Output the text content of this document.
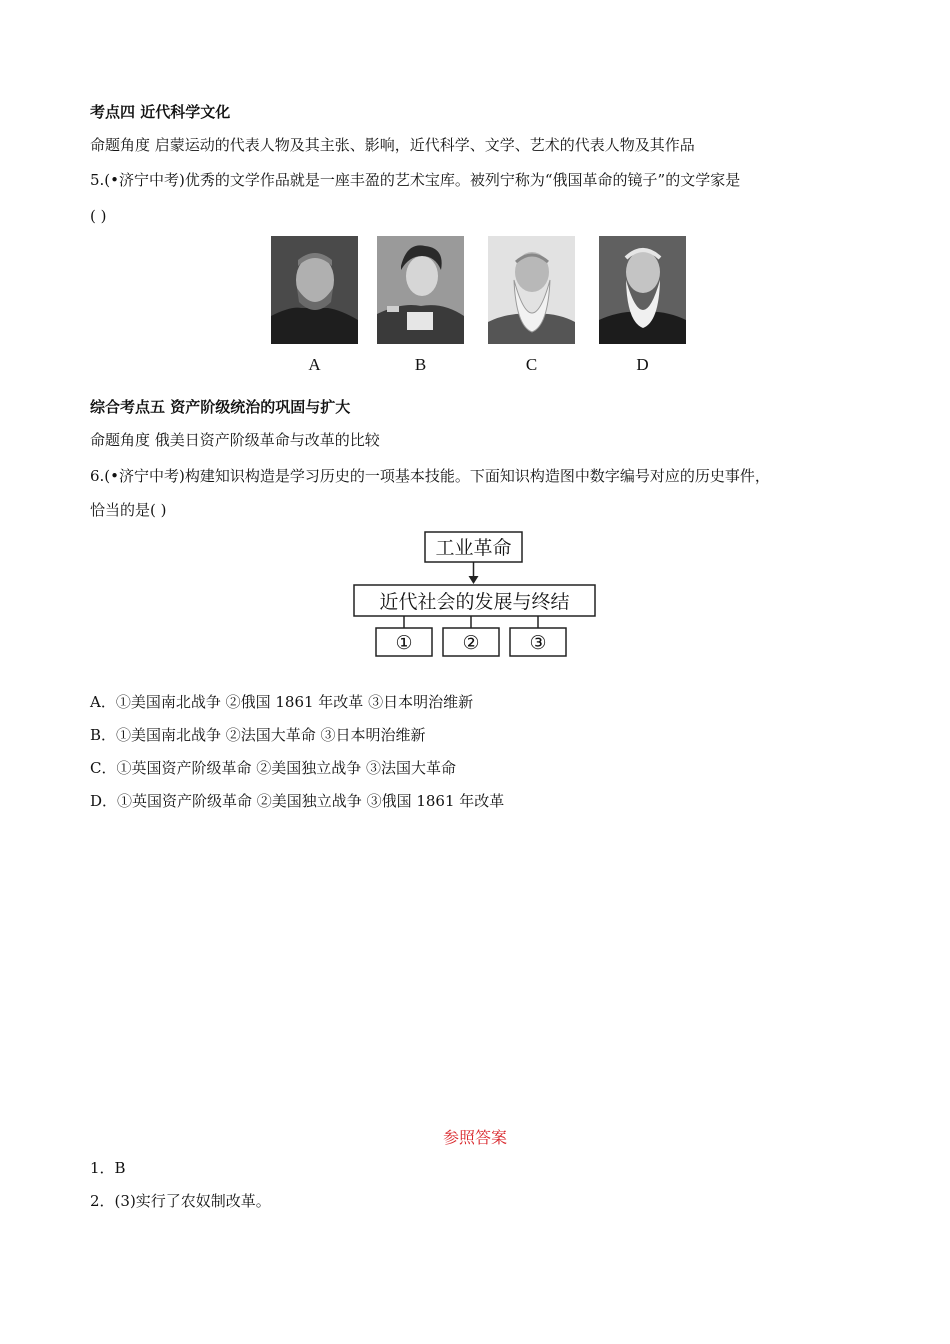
考点四 近代科学文化
命题角度 启蒙运动的代表人物及其主张、影响，近代科学、文学、艺术的代表人物及其作品
5.(•济宁中考)优秀的文学作品就是一座丰盈的艺术宝库。被列宁称为“俄国革命的镜子”的文学家是
( )
A	B	C	D
综合考点五 资产阶级统治的巩固与扩大
命题角度 俄美日资产阶级革命与改革的比较
6.(•济宁中考)构建知识构造是学习历史的一项基本技能。下面知识构造图中数字编号对应的历史事件，
恰当的是( )
工业革命
近代社会的发展与终结
①	②	③
A．①美国南北战争 ②俄国 1861 年改革 ③日本明治维新
B．①美国南北战争 ②法国大革命 ③日本明治维新
C．①英国资产阶级革命 ②美国独立战争 ③法国大革命
D．①英国资产阶级革命 ②美国独立战争 ③俄国 1861 年改革
参照答案
1．B
2．(3)实行了农奴制改革。
